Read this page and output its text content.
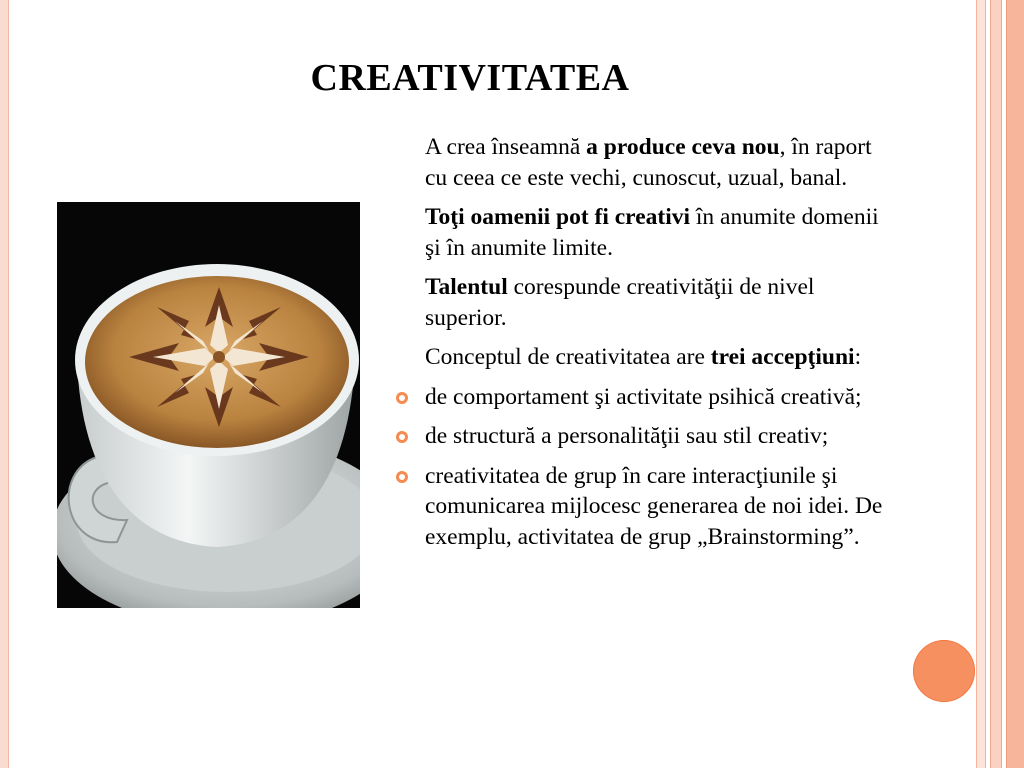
CREATIVITATEA
A crea înseamnă a produce ceva nou, în raport cu ceea ce este vechi, cunoscut, uzual, banal.
Toţi oamenii pot fi creativi în anumite domenii şi în anumite limite.
Talentul corespunde creativităţii de nivel superior.
Conceptul de creativitatea are trei accepţiuni:
de comportament şi activitate psihică creativă;
de structură a personalităţii sau stil creativ;
creativitatea de grup în care interacţiunile şi comunicarea mijlocesc generarea de noi idei. De exemplu, activitatea de grup „Brainstorming”.
